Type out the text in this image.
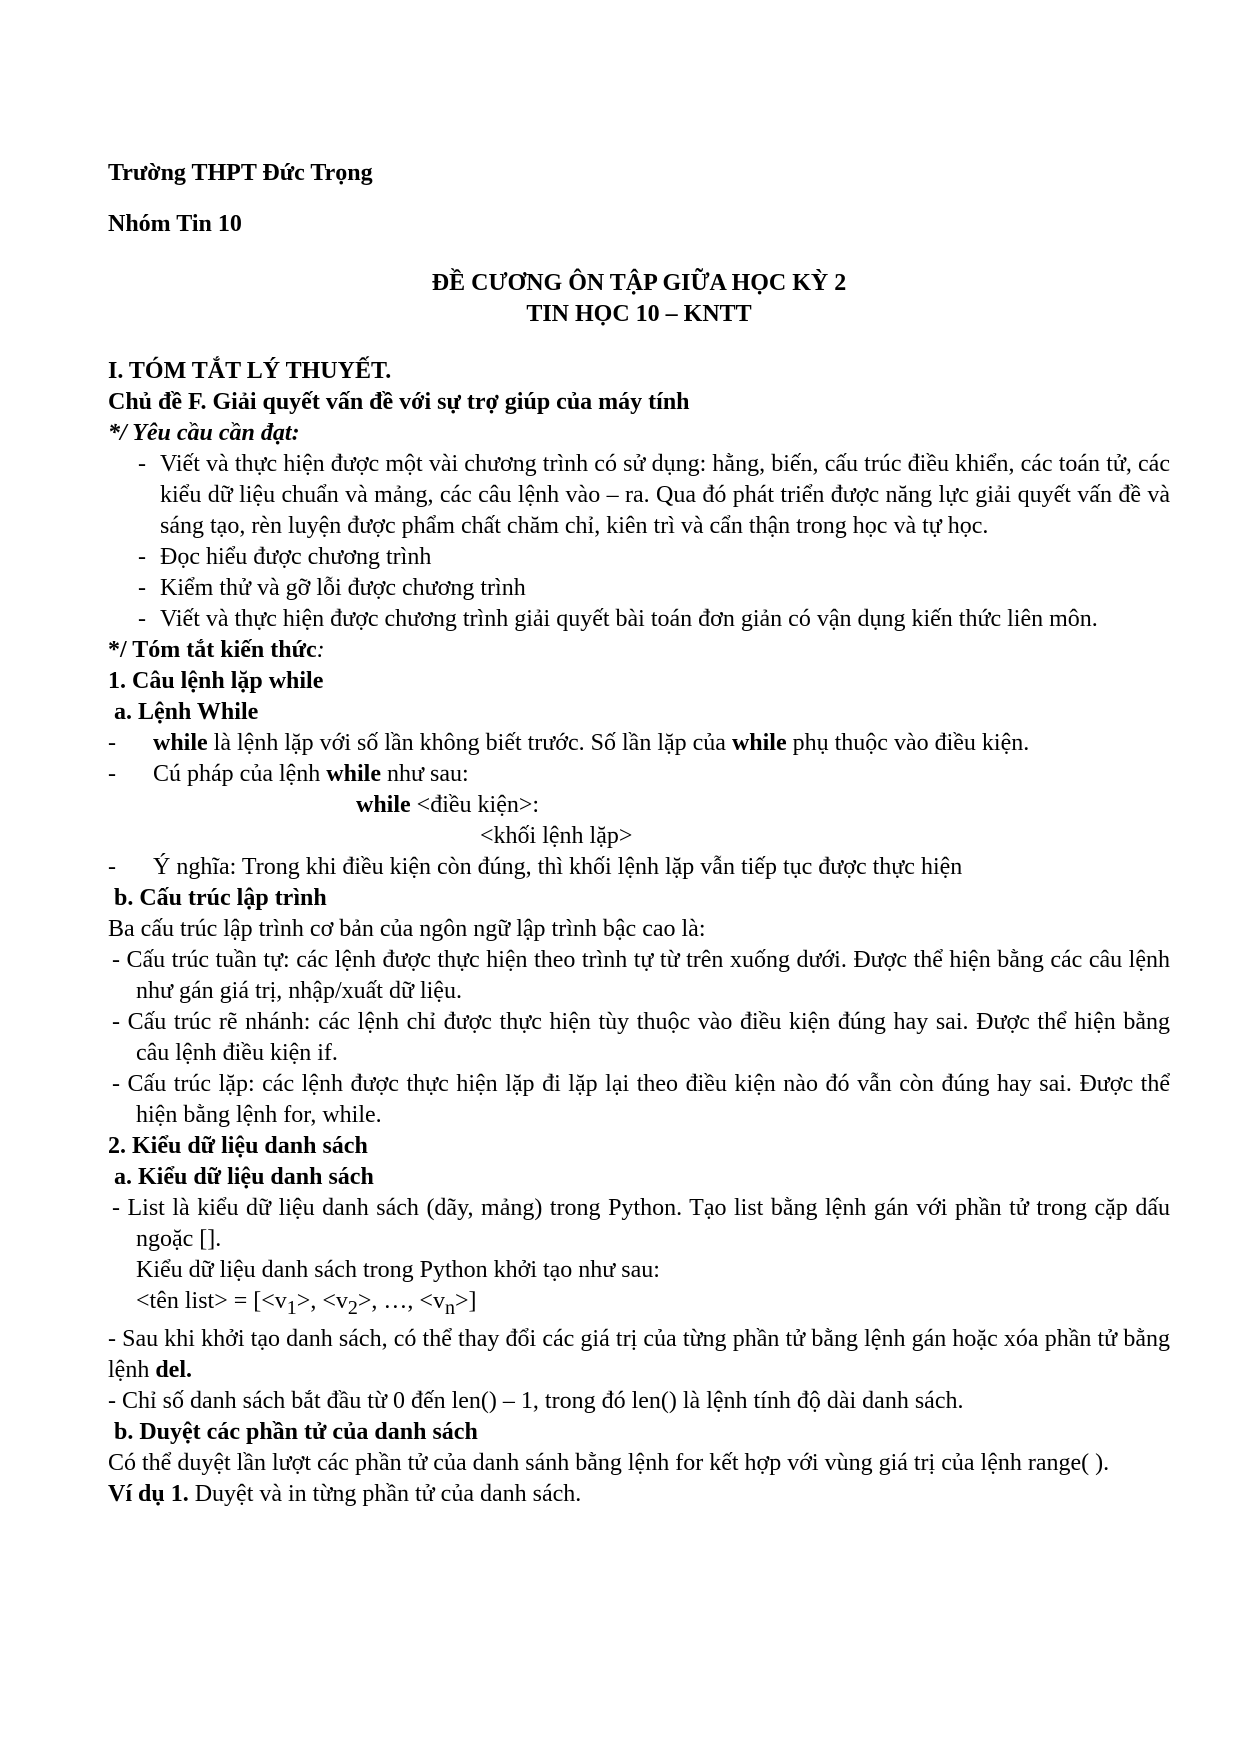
Trường THPT Đức Trọng

Nhóm Tin 10

ĐỀ CƯƠNG ÔN TẬP GIỮA HỌC KỲ 2

TIN HỌC 10 – KNTT

I. TÓM TẮT LÝ THUYẾT.

Chủ đề F. Giải quyết vấn đề với sự trợ giúp của máy tính

*/ Yêu cầu cần đạt:

- Viết và thực hiện được một vài chương trình có sử dụng: hằng, biến, cấu trúc điều khiển, các toán tử, các kiểu dữ liệu chuẩn và mảng, các câu lệnh vào – ra. Qua đó phát triển được năng lực giải quyết vấn đề và sáng tạo, rèn luyện được phẩm chất chăm chỉ, kiên trì và cẩn thận trong học và tự học.
- Đọc hiểu được chương trình
- Kiểm thử và gỡ lỗi được chương trình
- Viết và thực hiện được chương trình giải quyết bài toán đơn giản có vận dụng kiến thức liên môn.

*/ Tóm tắt kiến thức:

1. Câu lệnh lặp while

a. Lệnh While

- while là lệnh lặp với số lần không biết trước. Số lần lặp của while phụ thuộc vào điều kiện.

- Cú pháp của lệnh while như sau:

while <điều kiện>:

<khối lệnh lặp>

- Ý nghĩa: Trong khi điều kiện còn đúng, thì khối lệnh lặp vẫn tiếp tục được thực hiện

b. Cấu trúc lập trình

Ba cấu trúc lập trình cơ bản của ngôn ngữ lập trình bậc cao là:

- Cấu trúc tuần tự: các lệnh được thực hiện theo trình tự từ trên xuống dưới. Được thể hiện bằng các câu lệnh như gán giá trị, nhập/xuất dữ liệu.

- Cấu trúc rẽ nhánh: các lệnh chỉ được thực hiện tùy thuộc vào điều kiện đúng hay sai. Được thể hiện bằng câu lệnh điều kiện if.

- Cấu trúc lặp: các lệnh được thực hiện lặp đi lặp lại theo điều kiện nào đó vẫn còn đúng hay sai. Được thể hiện bằng lệnh for, while.

2. Kiểu dữ liệu danh sách

a. Kiểu dữ liệu danh sách

- List là kiểu dữ liệu danh sách (dãy, mảng) trong Python. Tạo list bằng lệnh gán với phần tử trong cặp dấu ngoặc [].

Kiểu dữ liệu danh sách trong Python khởi tạo như sau:

<tên list> = [$<v_1>$, $<v_2>$, …, $<v_n>$]

- Sau khi khởi tạo danh sách, có thể thay đổi các giá trị của từng phần tử bằng lệnh gán hoặc xóa phần tử bằng lệnh del.

- Chỉ số danh sách bắt đầu từ 0 đến len() – 1, trong đó len() là lệnh tính độ dài danh sách.

b. Duyệt các phần tử của danh sách

Có thể duyệt lần lượt các phần tử của danh sánh bằng lệnh for kết hợp với vùng giá trị của lệnh range( ).

Ví dụ 1. Duyệt và in từng phần tử của danh sách.
